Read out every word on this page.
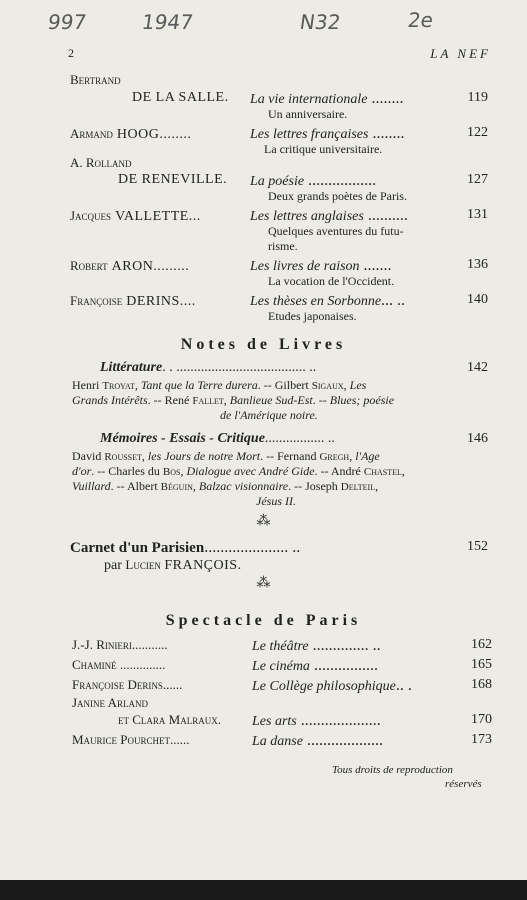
997	1947	N32	2e
2	LA NEF
Bertrand
DE LA SALLE. La vie internationale ........	119
Un anniversaire.
Armand HOOG........	Les lettres françaises ........	122
La critique universitaire.
A. Rolland
DE RENEVILLE. La poésie .................	127
Deux grands poètes de Paris.
Jacques VALLETTE...	Les lettres anglaises ..........	131
Quelques aventures du futu-
risme.
Robert ARON.........	Les livres de raison .......	136
La vocation de l'Occident.
Françoise DERINS....	Les thèses en Sorbonne... ..	140
Etudes japonaises.
Notes de Livres
Littérature. . ..................................... ..	142
Henri Troyat, Tant que la Terre durera. -- Gilbert Sigaux, Les
Grands Intérêts. -- René Fallet, Banlieue Sud-Est. -- Blues; poésie
de l'Amérique noire.
Mémoires - Essais - Critique................. ..	146
David Rousset, les Jours de notre Mort. -- Fernand Gregh, l'Age
d'or. -- Charles du Bos, Dialogue avec André Gide. -- André Chastel,
Vuillard. -- Albert Béguin, Balzac visionnaire. -- Joseph Delteil,
Jésus II.
⁂
Carnet d'un Parisien..................... ..	152
par Lucien FRANÇOIS.
⁂
Spectacle de Paris
J.-J. Rinieri...........	Le théâtre .............. ..	162
Chaminé ..............	Le cinéma ................	165
Françoise Derins......	Le Collège philosophique.. .	168
Janine Arland
et Clara Malraux. Les arts ....................	170
Maurice Pourchet......	La danse ...................	173
Tous droits de reproduction
réservés
